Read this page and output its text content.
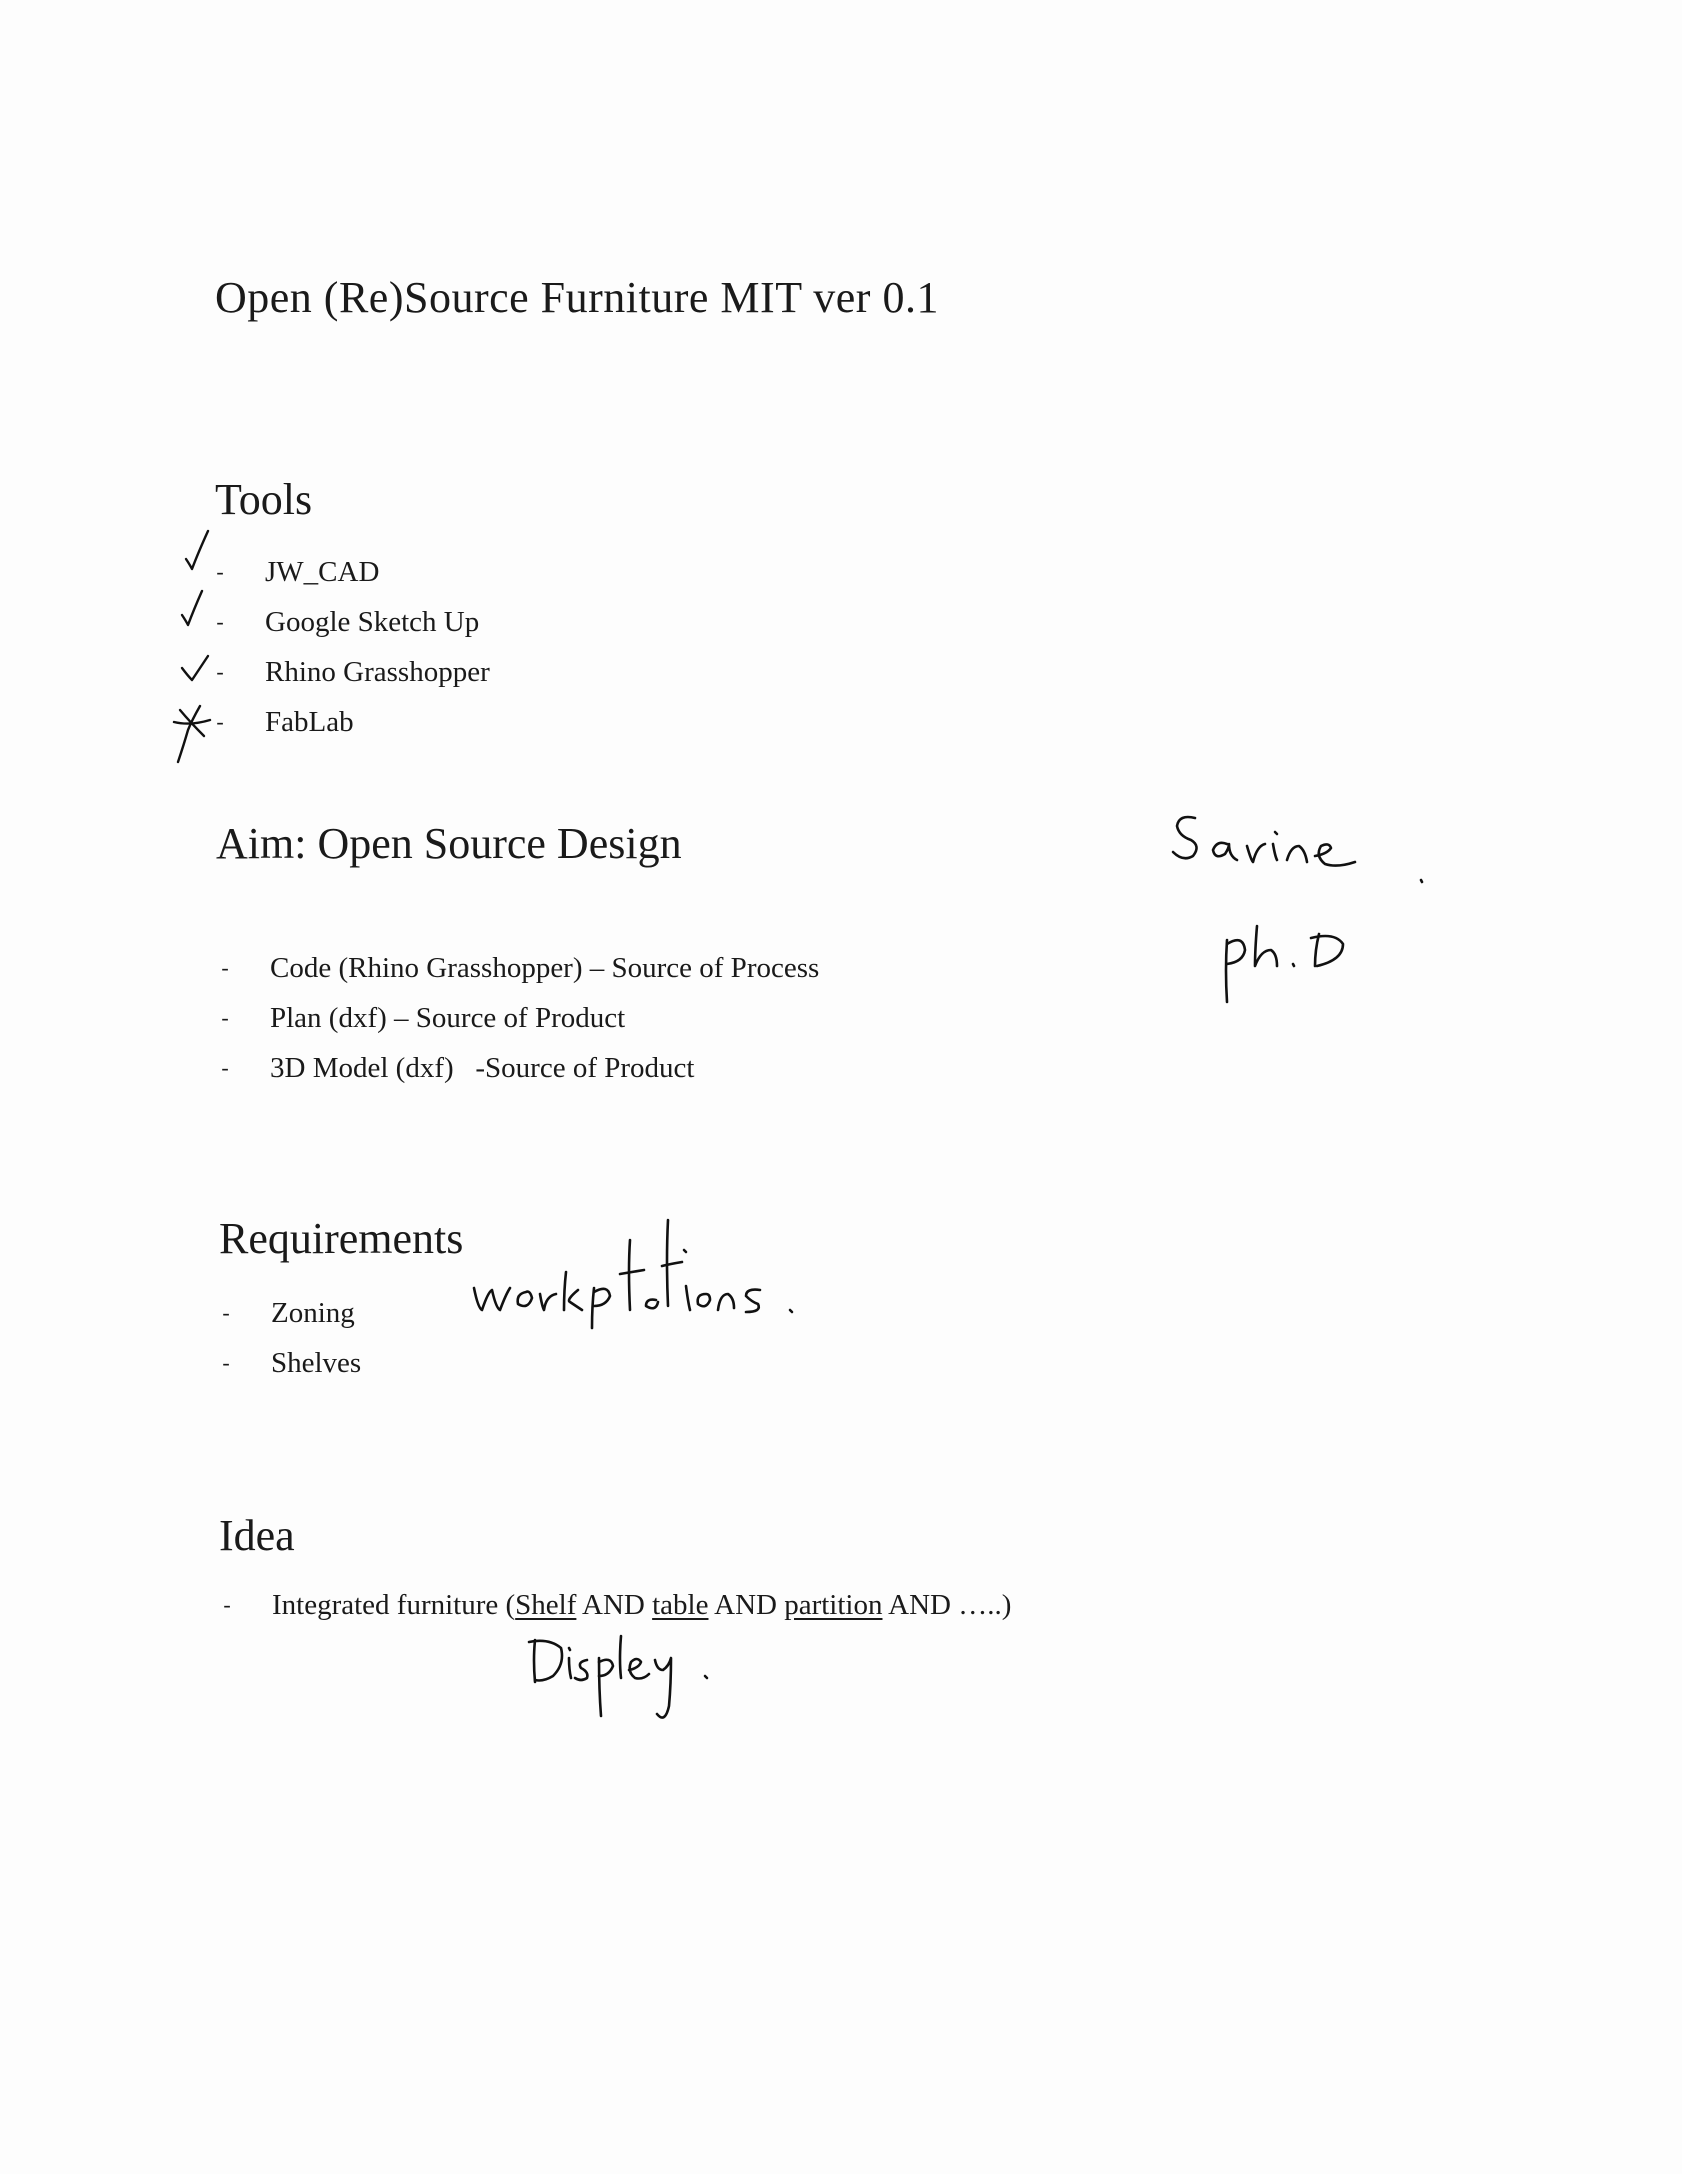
Open (Re)Source Furniture MIT ver 0.1
Tools
- JW_CAD
- Google Sketch Up
- Rhino Grasshopper
- FabLab
Aim: Open Source Design
- Code (Rhino Grasshopper) – Source of Process
- Plan (dxf) – Source of Product
- 3D Model (dxf)   -Source of Product
Requirements
- Zoning
- Shelves
Idea
- Integrated furniture (Shelf AND table AND partition AND …..)
